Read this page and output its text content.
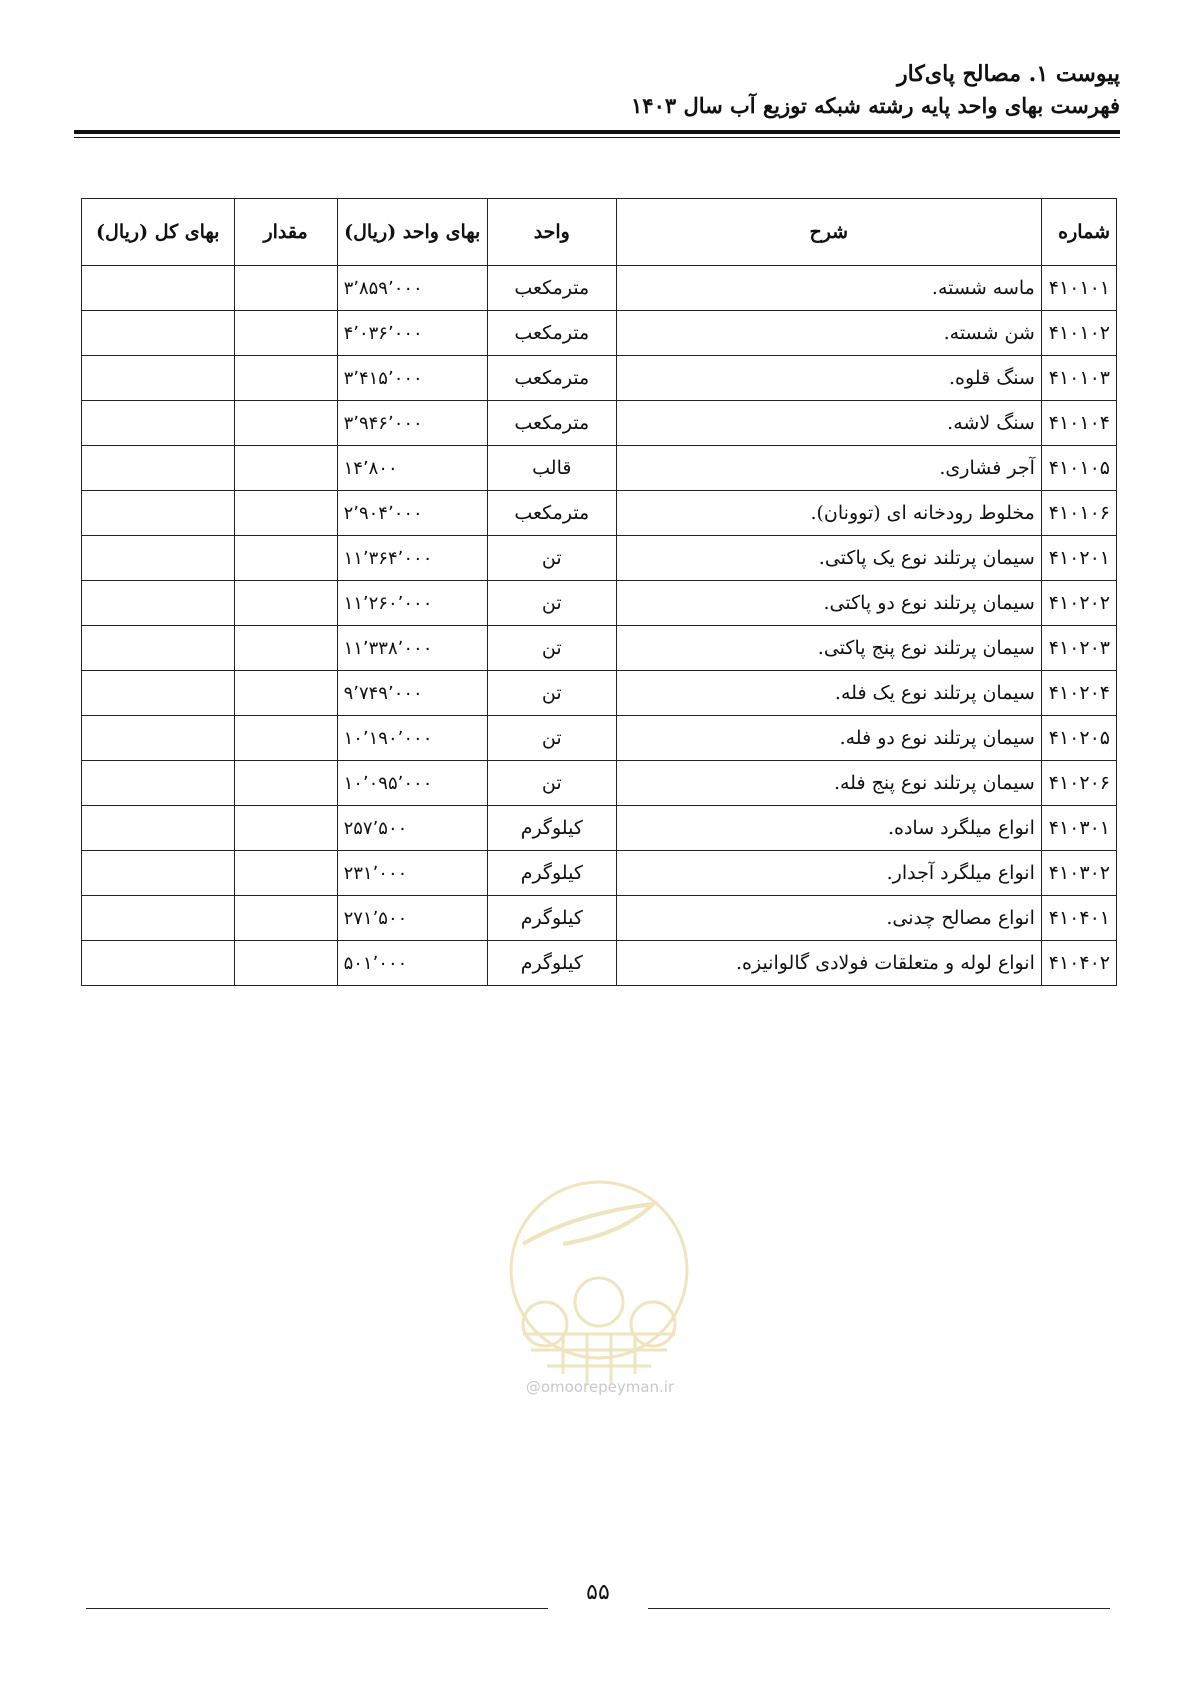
پیوست ۱. مصالح پای‌کار
فهرست بهای واحد پایه رشته شبکه توزیع آب سال ۱۴۰۳
شماره	شرح	واحد	بهای واحد (ریال)	مقدار	بهای کل (ریال)
۴۱۰۱۰۱	ماسه شسته.	مترمکعب	۳٬۸۵۹٬۰۰۰		
۴۱۰۱۰۲	شن شسته.	مترمکعب	۴٬۰۳۶٬۰۰۰		
۴۱۰۱۰۳	سنگ قلوه.	مترمکعب	۳٬۴۱۵٬۰۰۰		
۴۱۰۱۰۴	سنگ لاشه.	مترمکعب	۳٬۹۴۶٬۰۰۰		
۴۱۰۱۰۵	آجر فشاری.	قالب	۱۴٬۸۰۰		
۴۱۰۱۰۶	مخلوط رودخانه ای (توونان).	مترمکعب	۲٬۹۰۴٬۰۰۰		
۴۱۰۲۰۱	سیمان پرتلند نوع یک پاکتی.	تن	۱۱٬۳۶۴٬۰۰۰		
۴۱۰۲۰۲	سیمان پرتلند نوع دو پاکتی.	تن	۱۱٬۲۶۰٬۰۰۰		
۴۱۰۲۰۳	سیمان پرتلند نوع پنج پاکتی.	تن	۱۱٬۳۳۸٬۰۰۰		
۴۱۰۲۰۴	سیمان پرتلند نوع یک فله.	تن	۹٬۷۴۹٬۰۰۰		
۴۱۰۲۰۵	سیمان پرتلند نوع دو فله.	تن	۱۰٬۱۹۰٬۰۰۰		
۴۱۰۲۰۶	سیمان پرتلند نوع پنج فله.	تن	۱۰٬۰۹۵٬۰۰۰		
۴۱۰۳۰۱	انواع میلگرد ساده.	کیلوگرم	۲۵۷٬۵۰۰		
۴۱۰۳۰۲	انواع میلگرد آجدار.	کیلوگرم	۲۳۱٬۰۰۰		
۴۱۰۴۰۱	انواع مصالح چدنی.	کیلوگرم	۲۷۱٬۵۰۰		
۴۱۰۴۰۲	انواع لوله و متعلقات فولادی گالوانیزه.	کیلوگرم	۵۰۱٬۰۰۰		
@omoorepeyman.ir
۵۵
